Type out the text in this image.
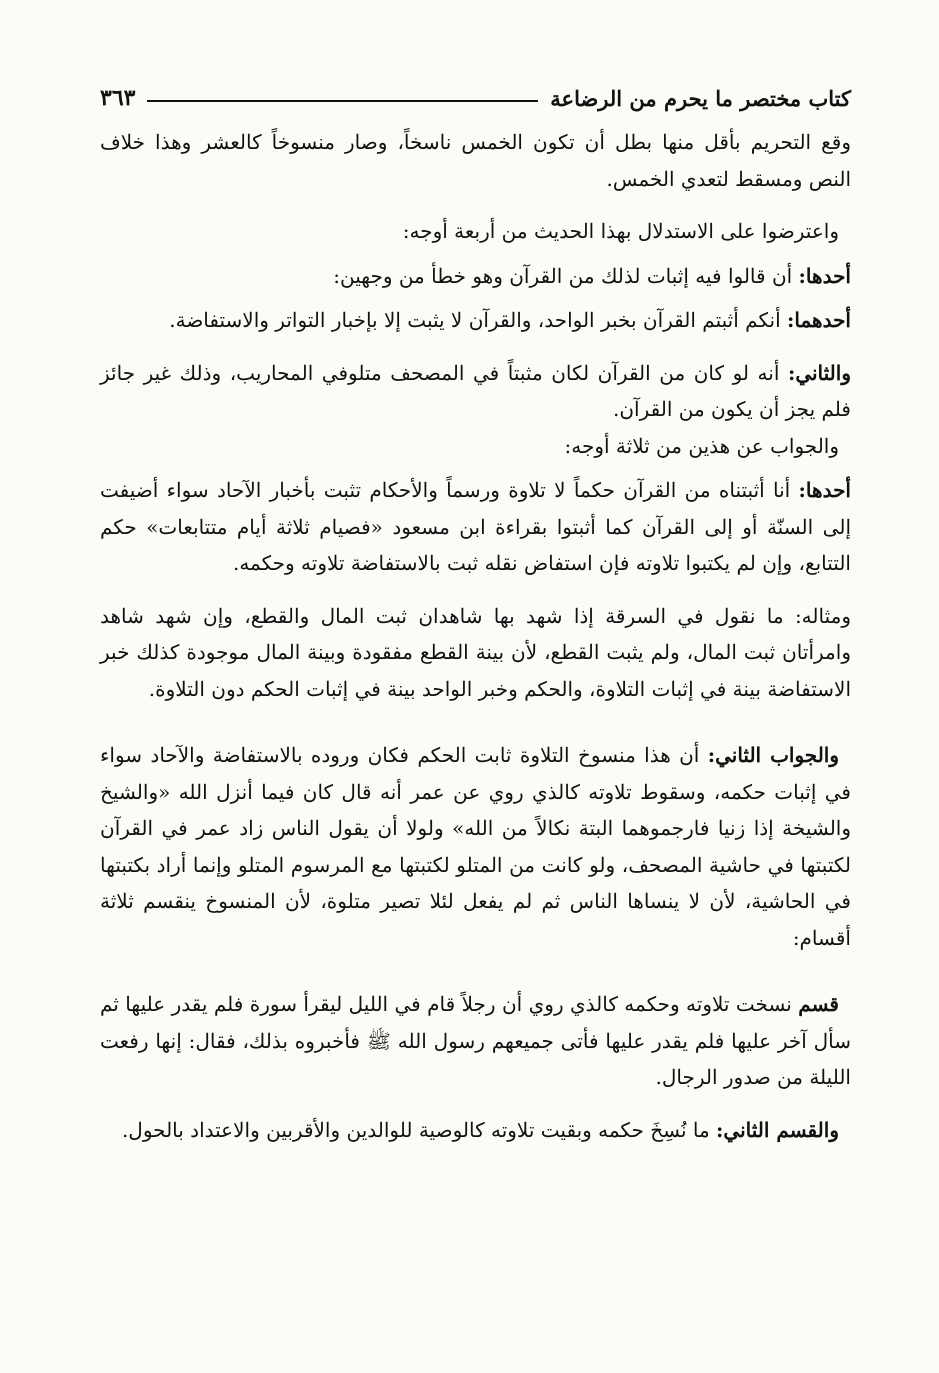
كتاب مختصر ما يحرم من الرضاعة
٣٦٣

وقع التحريم بأقل منها بطل أن تكون الخمس ناسخاً، وصار منسوخاً كالعشر وهذا خلاف النص ومسقط لتعدي الخمس.

واعترضوا على الاستدلال بهذا الحديث من أربعة أوجه:

أحدها: أن قالوا فيه إثبات لذلك من القرآن وهو خطأ من وجهين:

أحدهما: أنكم أثبتم القرآن بخبر الواحد، والقرآن لا يثبت إلا بإخبار التواتر والاستفاضة.

والثاني: أنه لو كان من القرآن لكان مثبتاً في المصحف متلوفي المحاريب، وذلك غير جائز فلم يجز أن يكون من القرآن.

والجواب عن هذين من ثلاثة أوجه:

أحدها: أنا أثبتناه من القرآن حكماً لا تلاوة ورسماً والأحكام تثبت بأخبار الآحاد سواء أضيفت إلى السنّة أو إلى القرآن كما أثبتوا بقراءة ابن مسعود «فصيام ثلاثة أيام متتابعات» حكم التتابع، وإن لم يكتبوا تلاوته فإن استفاض نقله ثبت بالاستفاضة تلاوته وحكمه.

ومثاله: ما نقول في السرقة إذا شهد بها شاهدان ثبت المال والقطع، وإن شهد شاهد وامرأتان ثبت المال، ولم يثبت القطع، لأن بينة القطع مفقودة وبينة المال موجودة كذلك خبر الاستفاضة بينة في إثبات التلاوة، والحكم وخبر الواحد بينة في إثبات الحكم دون التلاوة.

والجواب الثاني: أن هذا منسوخ التلاوة ثابت الحكم فكان وروده بالاستفاضة والآحاد سواء في إثبات حكمه، وسقوط تلاوته كالذي روي عن عمر أنه قال كان فيما أنزل الله «والشيخ والشيخة إذا زنيا فارجموهما البتة نكالاً من الله» ولولا أن يقول الناس زاد عمر في القرآن لكتبتها في حاشية المصحف، ولو كانت من المتلو لكتبتها مع المرسوم المتلو وإنما أراد بكتبتها في الحاشية، لأن لا ينساها الناس ثم لم يفعل لئلا تصير متلوة، لأن المنسوخ ينقسم ثلاثة أقسام:

قسم نسخت تلاوته وحكمه كالذي روي أن رجلاً قام في الليل ليقرأ سورة فلم يقدر عليها ثم سأل آخر عليها فلم يقدر عليها فأتى جميعهم رسول الله ﷺ فأخبروه بذلك، فقال: إنها رفعت الليلة من صدور الرجال.

والقسم الثاني: ما نُسِخَ حكمه وبقيت تلاوته كالوصية للوالدين والأقربين والاعتداد بالحول.
